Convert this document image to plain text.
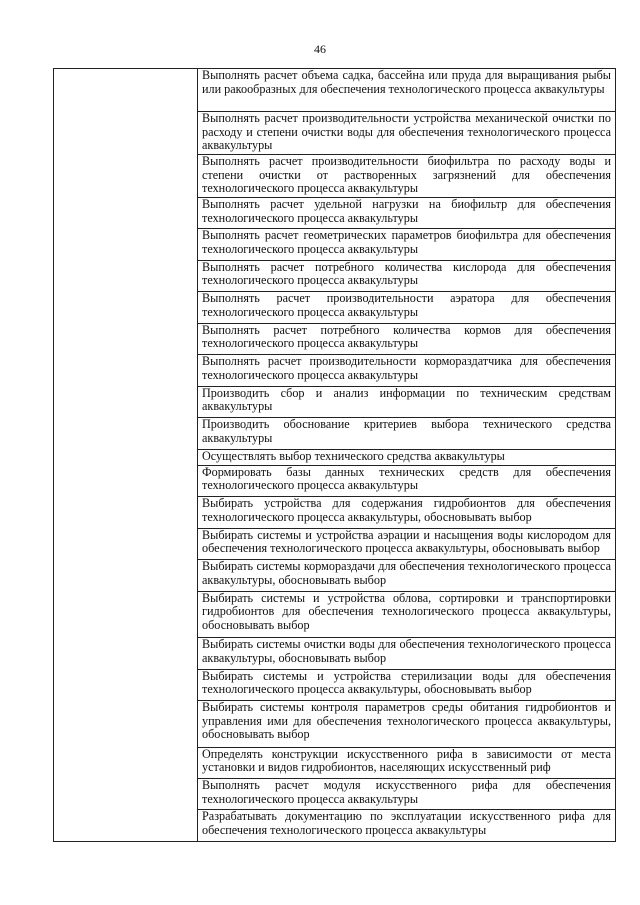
46
	Выполнять расчет объема садка, бассейна или пруда для выращивания рыбы или ракообразных для обеспечения технологического процесса аквакультуры
Выполнять расчет производительности устройства механической очистки по расходу и степени очистки воды для обеспечения технологического процесса аквакультуры
Выполнять расчет производительности биофильтра по расходу воды и степени очистки от растворенных загрязнений для обеспечения технологического процесса аквакультуры
Выполнять расчет удельной нагрузки на биофильтр для обеспечения технологического процесса аквакультуры
Выполнять расчет геометрических параметров биофильтра для обеспечения технологического процесса аквакультуры
Выполнять расчет потребного количества кислорода для обеспечения технологического процесса аквакультуры
Выполнять расчет производительности аэратора для обеспечения технологического процесса аквакультуры
Выполнять расчет потребного количества кормов для обеспечения технологического процесса аквакультуры
Выполнять расчет производительности кормораздатчика для обеспечения технологического процесса аквакультуры
Производить сбор и анализ информации по техническим средствам аквакультуры
Производить обоснование критериев выбора технического средства аквакультуры
Осуществлять выбор технического средства аквакультуры
Формировать базы данных технических средств для обеспечения технологического процесса аквакультуры
Выбирать устройства для содержания гидробионтов для обеспечения технологического процесса аквакультуры, обосновывать выбор
Выбирать системы и устройства аэрации и насыщения воды кислородом для обеспечения технологического процесса аквакультуры, обосновывать выбор
Выбирать системы кормораздачи для обеспечения технологического процесса аквакультуры, обосновывать выбор
Выбирать системы и устройства облова, сортировки и транспортировки гидробионтов для обеспечения технологического процесса аквакультуры, обосновывать выбор
Выбирать системы очистки воды для обеспечения технологического процесса аквакультуры, обосновывать выбор
Выбирать системы и устройства стерилизации воды для обеспечения технологического процесса аквакультуры, обосновывать выбор
Выбирать системы контроля параметров среды обитания гидробионтов и управления ими для обеспечения технологического процесса аквакультуры, обосновывать выбор
Определять конструкции искусственного рифа в зависимости от места установки и видов гидробионтов, населяющих искусственный риф
Выполнять расчет модуля искусственного рифа для обеспечения технологического процесса аквакультуры
Разрабатывать документацию по эксплуатации искусственного рифа для обеспечения технологического процесса аквакультуры
